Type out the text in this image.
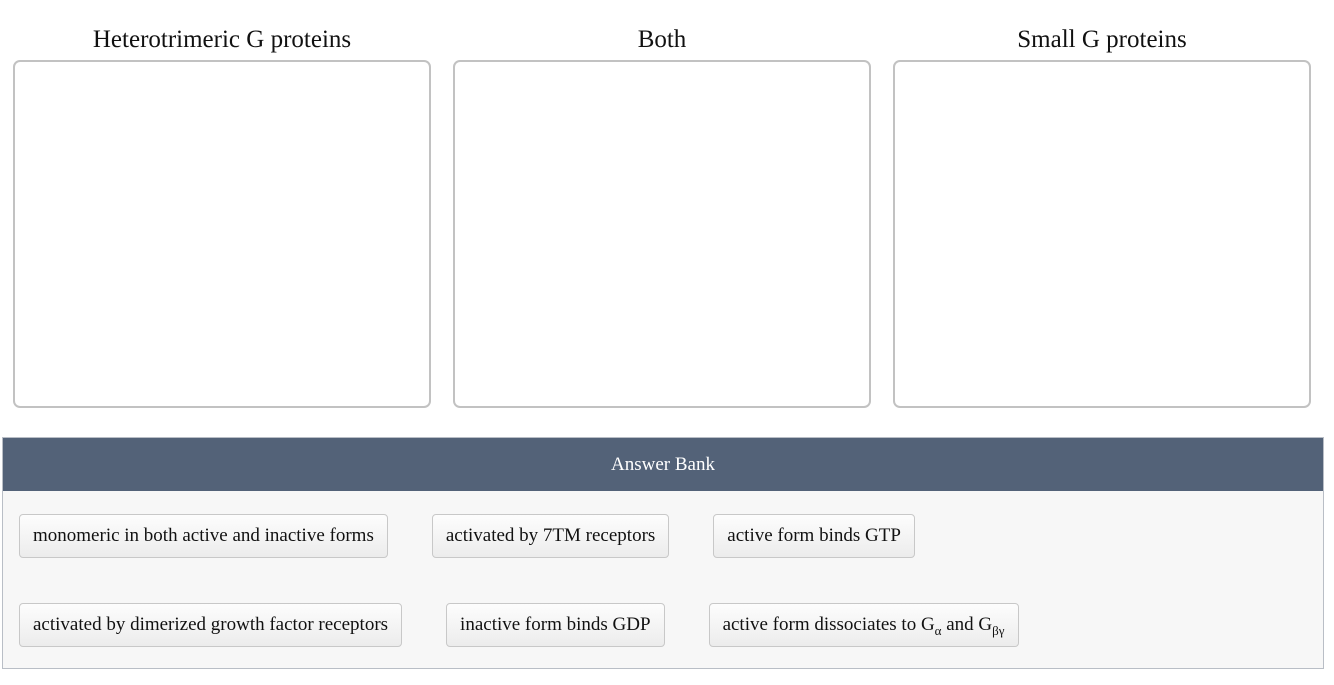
Heterotrimeric G proteins	Both	Small G proteins
Answer Bank
monomeric in both active and inactive forms	activated by 7TM receptors	active form binds GTP
activated by dimerized growth factor receptors	inactive form binds GDP	active form dissociates to $G_\alpha$ and $G_{\beta\gamma}$
